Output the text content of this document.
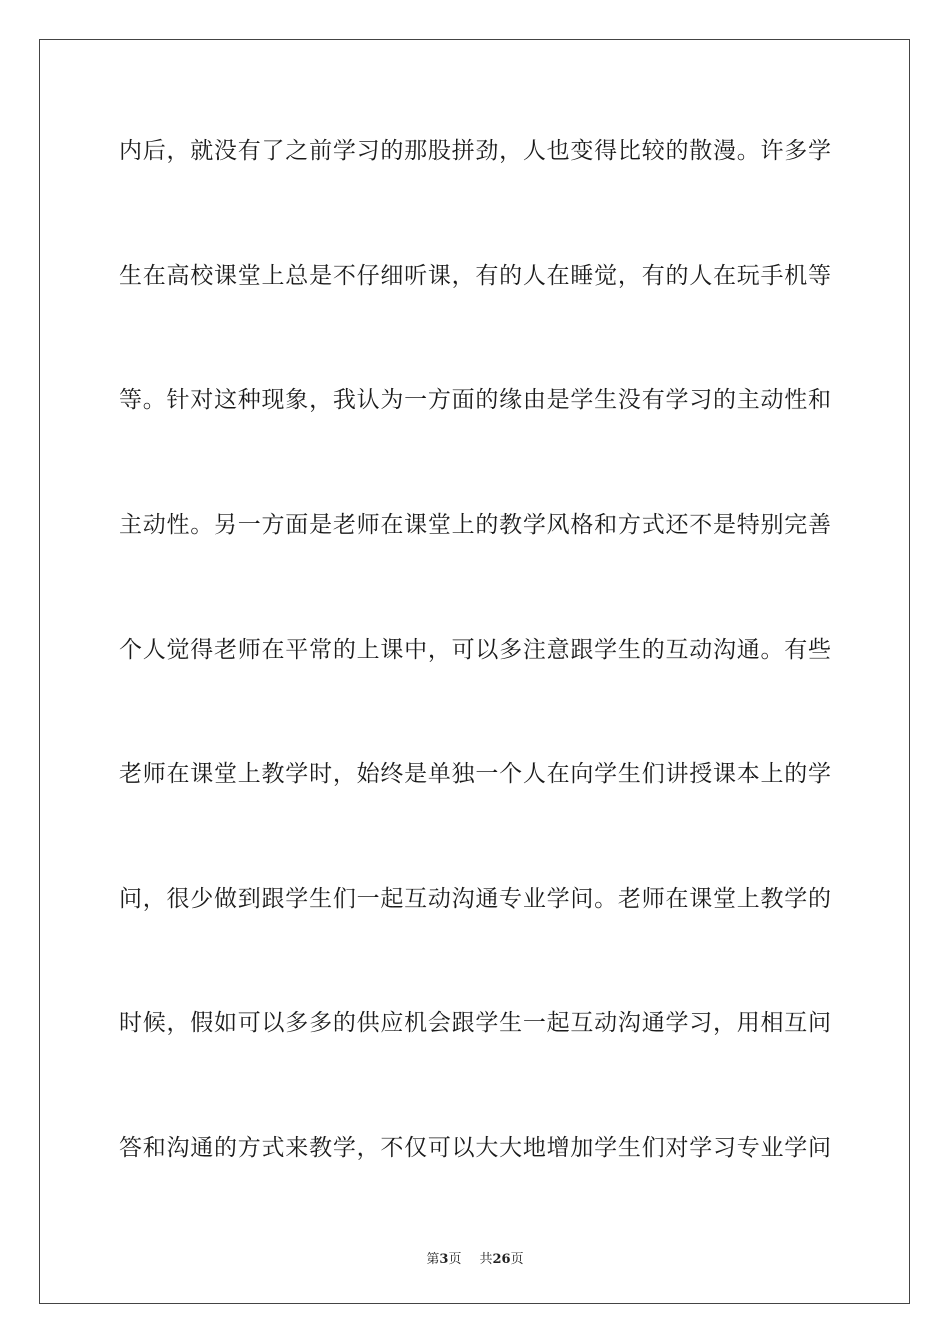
内后，就没有了之前学习的那股拼劲，人也变得比较的散漫。许多学
生在高校课堂上总是不仔细听课，有的人在睡觉，有的人在玩手机等
等。针对这种现象，我认为一方面的缘由是学生没有学习的主动性和
主动性。另一方面是老师在课堂上的教学风格和方式还不是特别完善
个人觉得老师在平常的上课中，可以多注意跟学生的互动沟通。有些
老师在课堂上教学时，始终是单独一个人在向学生们讲授课本上的学
问，很少做到跟学生们一起互动沟通专业学问。老师在课堂上教学的
时候，假如可以多多的供应机会跟学生一起互动沟通学习，用相互问
答和沟通的方式来教学，不仅可以大大地增加学生们对学习专业学问
第3页 共26页
